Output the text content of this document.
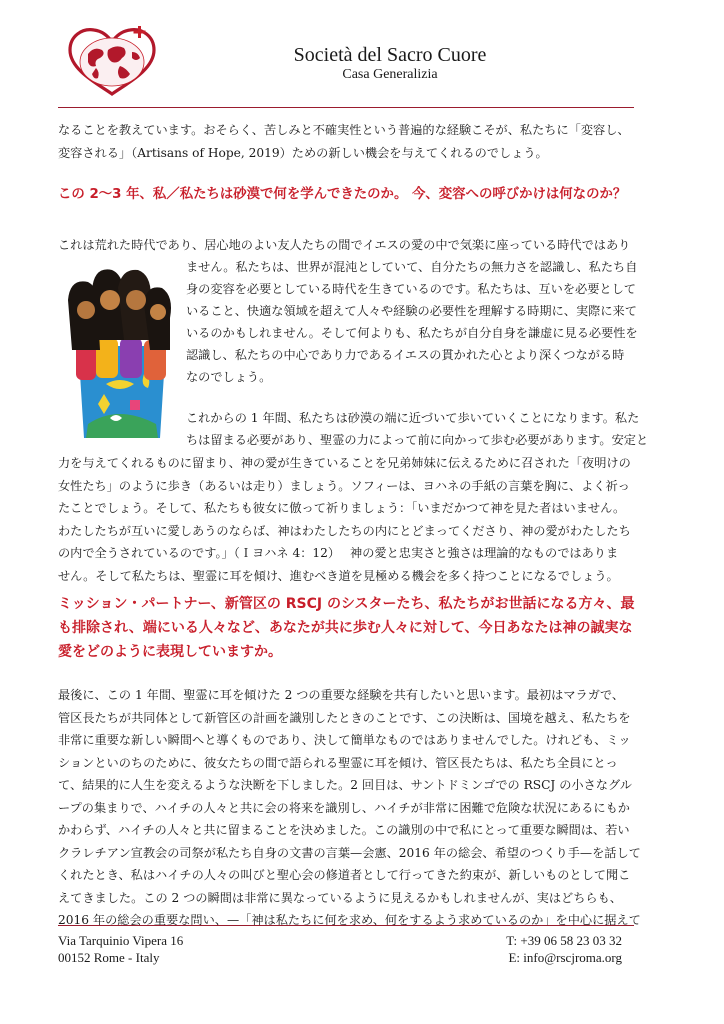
Società del Sacro Cuore
Casa Generalizia
なることを教えています。おそらく、苦しみと不確実性という普遍的な経験こそが、私たちに「変容し、
変容される」（Artisans of Hope, 2019）ための新しい機会を与えてくれるのでしょう。
この 2〜3 年、私／私たちは砂漠で何を学んできたのか。 今、変容への呼びかけは何なのか？
これは荒れた時代であり、居心地のよい友人たちの間でイエスの愛の中で気楽に座っている時代ではあり
ません。私たちは、世界が混沌としていて、自分たちの無力さを認識し、私たち自
身の変容を必要としている時代を生きているのです。私たちは、互いを必要として
いること、快適な領域を超えて人々や経験の必要性を理解する時期に、実際に来て
いるのかもしれません。そして何よりも、私たちが自分自身を謙虚に見る必要性を
認識し、私たちの中心であり力であるイエスの貫かれた心とより深くつながる時
なのでしょう。
これからの 1 年間、私たちは砂漠の端に近づいて歩いていくことになります。私た
ちは留まる必要があり、聖霊の力によって前に向かって歩む必要があります。安定と
力を与えてくれるものに留まり、神の愛が生きていることを兄弟姉妹に伝えるために召された「夜明けの
女性たち」のように歩き（あるいは走り）ましょう。ソフィーは、ヨハネの手紙の言葉を胸に、よく祈っ
たことでしょう。そして、私たちも彼女に倣って祈りましょう：「いまだかつて神を見た者はいません。
わたしたちが互いに愛しあうのならば、神はわたしたちの内にとどまってくださり、神の愛がわたしたち
の内で全うされているのです。」（Ｉヨハネ 4：12）　 神の愛と忠実さと強さは理論的なものではありま
せん。そして私たちは、聖霊に耳を傾け、進むべき道を見極める機会を多く持つことになるでしょう。
ミッション・パートナー、新管区の RSCJ のシスターたち、私たちがお世話になる方々、最
も排除され、端にいる人々など、あなたが共に歩む人々に対して、今日あなたは神の誠実な
愛をどのように表現していますか。
最後に、この 1 年間、聖霊に耳を傾けた 2 つの重要な経験を共有したいと思います。最初はマラガで、
管区長たちが共同体として新管区の計画を識別したときのことです、この決断は、国境を越え、私たちを
非常に重要な新しい瞬間へと導くものであり、決して簡単なものではありませんでした。けれども、ミッ
ションといのちのために、彼女たちの間で語られる聖霊に耳を傾け、管区長たちは、私たち全員にとっ
て、結果的に人生を変えるような決断を下しました。2 回目は、サントドミンゴでの RSCJ の小さなグル
ープの集まりで、ハイチの人々と共に会の将来を識別し、ハイチが非常に困難で危険な状況にあるにもか
かわらず、ハイチの人々と共に留まることを決めました。この識別の中で私にとって重要な瞬間は、若い
クラレチアン宣教会の司祭が私たち自身の文書の言葉—会憲、2016 年の総会、希望のつくり手—を話して
くれたとき、私はハイチの人々の叫びと聖心会の修道者として行ってきた約束が、新しいものとして聞こ
えてきました。この 2 つの瞬間は非常に異なっているように見えるかもしれませんが、実はどちらも、
2016 年の総会の重要な問い、—「神は私たちに何を求め、何をするよう求めているのか」を中心に据えて
Via Tarquinio Vipera 16
00152 Rome - Italy
T: +39 06 58 23 03 32
E: info@rscjroma.org
